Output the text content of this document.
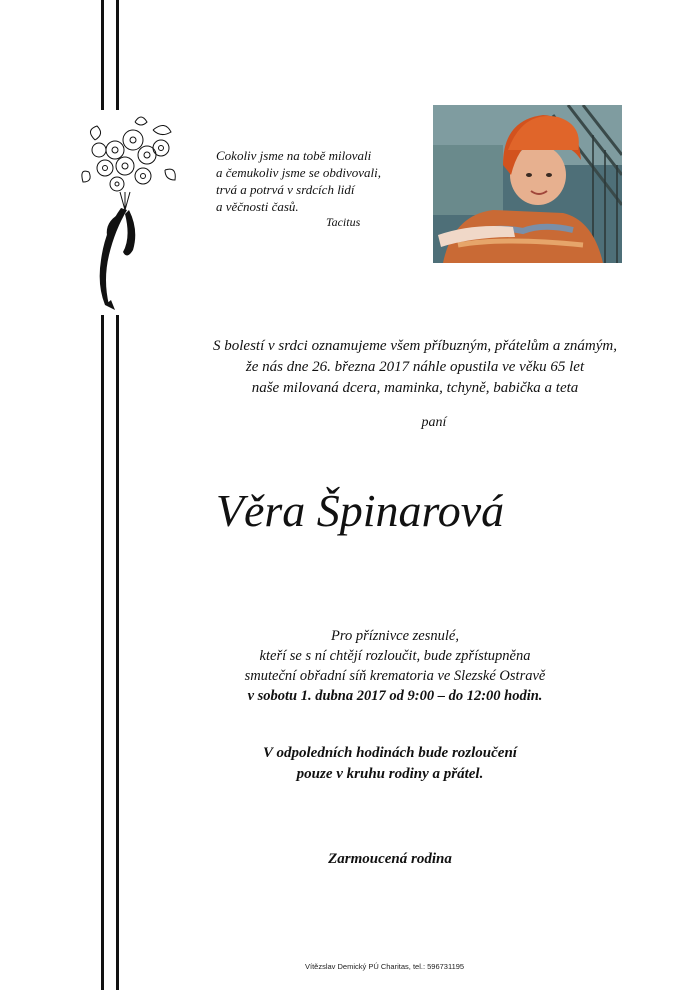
Cokoliv jsme na tobě milovali
a čemukoliv jsme se obdivovali,
trvá a potrvá v srdcích lidí
a věčnosti časů.
Tacitus
S bolestí v srdci oznamujeme všem příbuzným, přátelům a známým,
že nás dne 26. března 2017 náhle opustila ve věku 65 let
naše milovaná dcera, maminka, tchyně, babička a teta
paní
Věra Špinarová
Pro příznivce zesnulé,
kteří se s ní chtějí rozloučit, bude zpřístupněna
smuteční obřadní síň krematoria ve Slezské Ostravě
v sobotu 1. dubna 2017 od 9:00 – do 12:00 hodin.
V odpoledních hodinách bude rozloučení
pouze v kruhu rodiny a přátel.
Zarmoucená rodina
Vítězslav Demický PÚ Charitas, tel.: 596731195
